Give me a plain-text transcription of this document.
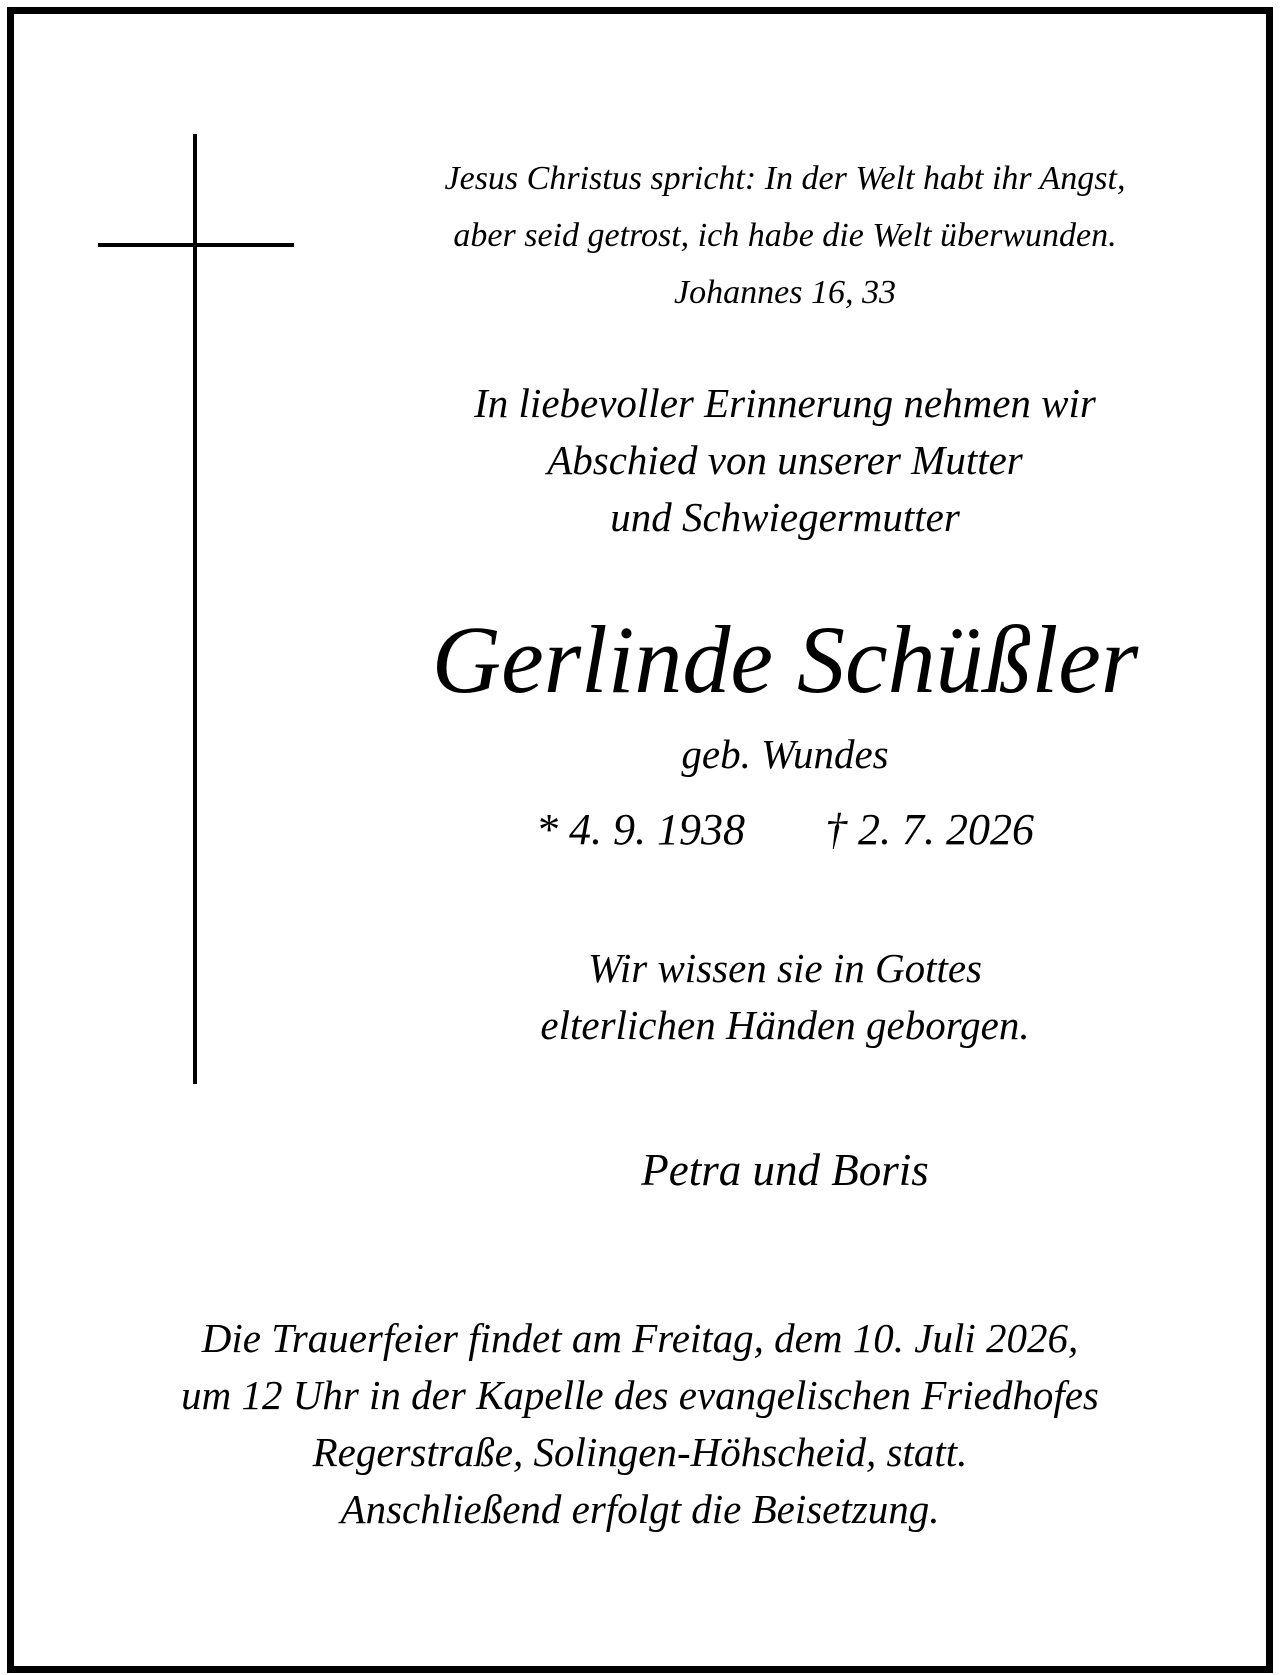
Jesus Christus spricht: In der Welt habt ihr Angst,
aber seid getrost, ich habe die Welt überwunden.
Johannes 16, 33
In liebevoller Erinnerung nehmen wir
Abschied von unserer Mutter
und Schwiegermutter
Gerlinde Schüßler
geb. Wundes
* 4. 9. 1938 † 2. 7. 2026
Wir wissen sie in Gottes
elterlichen Händen geborgen.
Petra und Boris
Die Trauerfeier findet am Freitag, dem 10. Juli 2026,
um 12 Uhr in der Kapelle des evangelischen Friedhofes
Regerstraße, Solingen-Höhscheid, statt.
Anschließend erfolgt die Beisetzung.
